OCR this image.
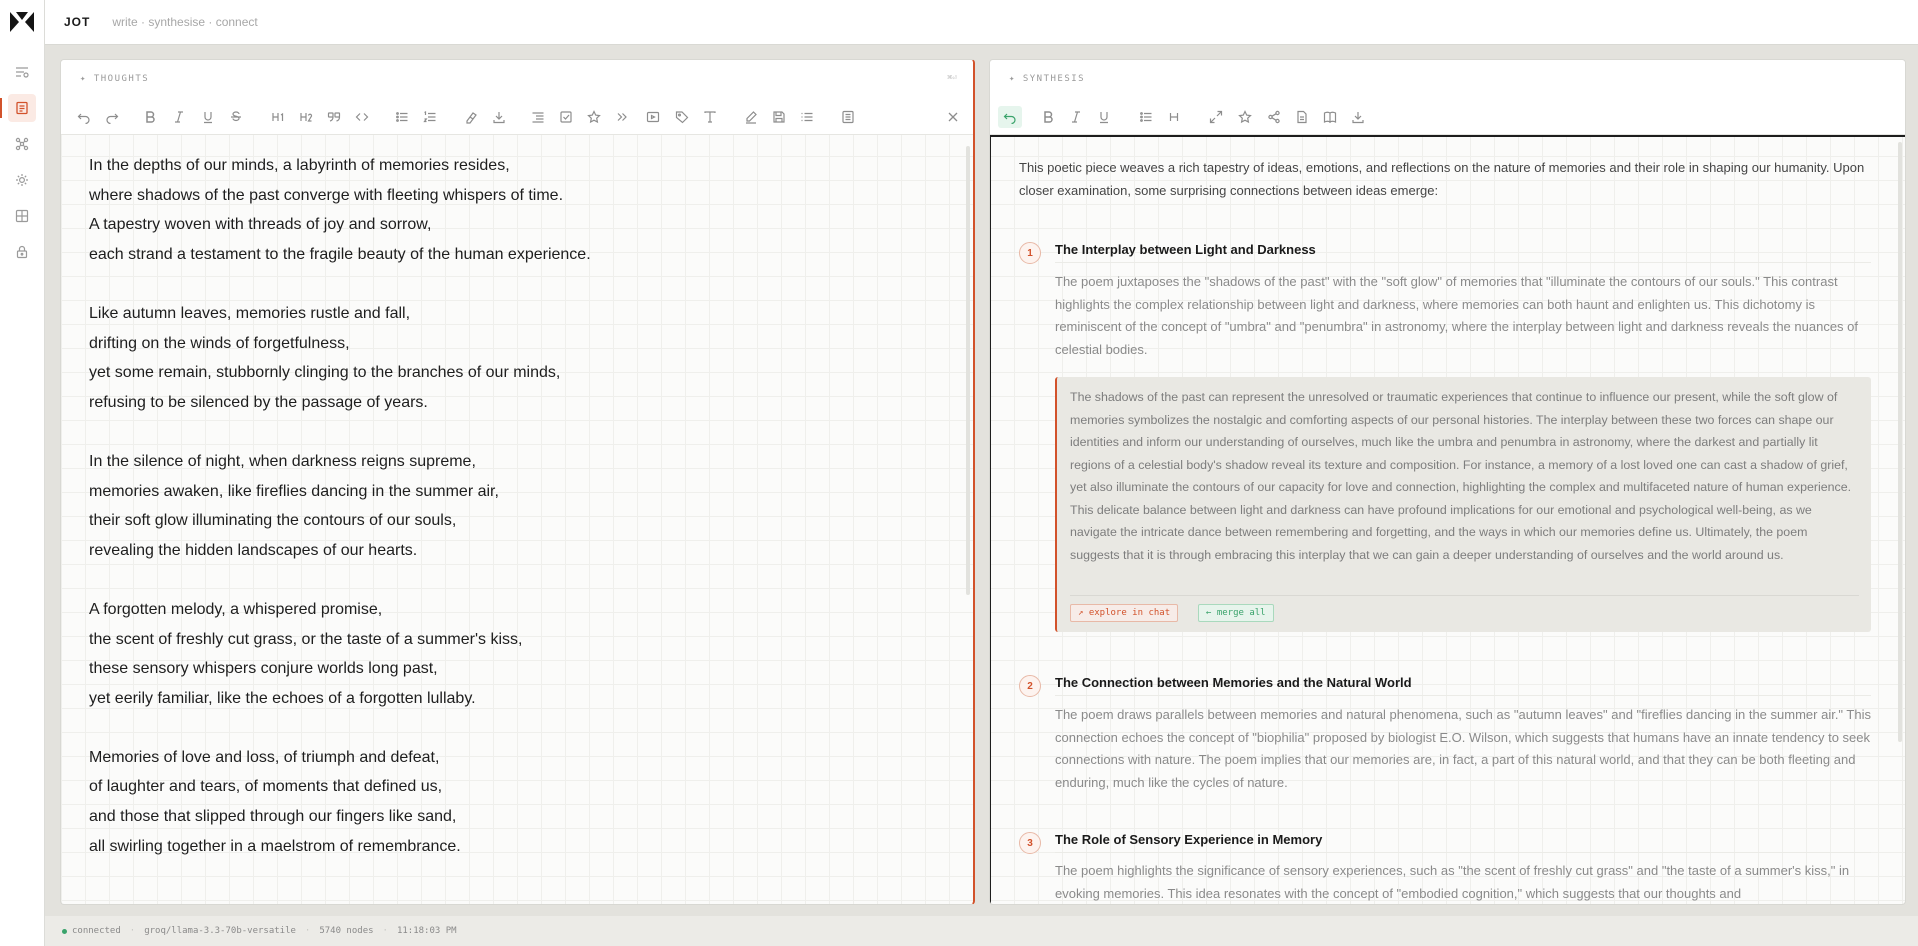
JOT write · synthesise · connect
✦ THOUGHTS	⌘⏎
In the depths of our minds, a labyrinth of memories resides,
where shadows of the past converge with fleeting whispers of time.
A tapestry woven with threads of joy and sorrow,
each strand a testament to the fragile beauty of the human experience.
Like autumn leaves, memories rustle and fall,
drifting on the winds of forgetfulness,
yet some remain, stubbornly clinging to the branches of our minds,
refusing to be silenced by the passage of years.
In the silence of night, when darkness reigns supreme,
memories awaken, like fireflies dancing in the summer air,
their soft glow illuminating the contours of our souls,
revealing the hidden landscapes of our hearts.
A forgotten melody, a whispered promise,
the scent of freshly cut grass, or the taste of a summer's kiss,
these sensory whispers conjure worlds long past,
yet eerily familiar, like the echoes of a forgotten lullaby.
Memories of love and loss, of triumph and defeat,
of laughter and tears, of moments that defined us,
and those that slipped through our fingers like sand,
all swirling together in a maelstrom of remembrance.
✦ SYNTHESIS
This poetic piece weaves a rich tapestry of ideas, emotions, and reflections on the nature of memories and their role in shaping our humanity. Upon closer examination, some surprising connections between ideas emerge:
1	The Interplay between Light and Darkness
The poem juxtaposes the "shadows of the past" with the "soft glow" of memories that "illuminate the contours of our souls." This contrast highlights the complex relationship between light and darkness, where memories can both haunt and enlighten us. This dichotomy is reminiscent of the concept of "umbra" and "penumbra" in astronomy, where the interplay between light and darkness reveals the nuances of celestial bodies.
The shadows of the past can represent the unresolved or traumatic experiences that continue to influence our present, while the soft glow of memories symbolizes the nostalgic and comforting aspects of our personal histories. The interplay between these two forces can shape our identities and inform our understanding of ourselves, much like the umbra and penumbra in astronomy, where the darkest and partially lit regions of a celestial body's shadow reveal its texture and composition. For instance, a memory of a lost loved one can cast a shadow of grief, yet also illuminate the contours of our capacity for love and connection, highlighting the complex and multifaceted nature of human experience. This delicate balance between light and darkness can have profound implications for our emotional and psychological well-being, as we navigate the intricate dance between remembering and forgetting, and the ways in which our memories define us. Ultimately, the poem suggests that it is through embracing this interplay that we can gain a deeper understanding of ourselves and the world around us.
↗ explore in chat	← merge all
2	The Connection between Memories and the Natural World
The poem draws parallels between memories and natural phenomena, such as "autumn leaves" and "fireflies dancing in the summer air." This connection echoes the concept of "biophilia" proposed by biologist E.O. Wilson, which suggests that humans have an innate tendency to seek connections with nature. The poem implies that our memories are, in fact, a part of this natural world, and that they can be both fleeting and enduring, much like the cycles of nature.
3	The Role of Sensory Experience in Memory
The poem highlights the significance of sensory experiences, such as "the scent of freshly cut grass" and "the taste of a summer's kiss," in evoking memories. This idea resonates with the concept of "embodied cognition," which suggests that our thoughts and
connected · groq/llama-3.3-70b-versatile · 5740 nodes · 11:18:03 PM
